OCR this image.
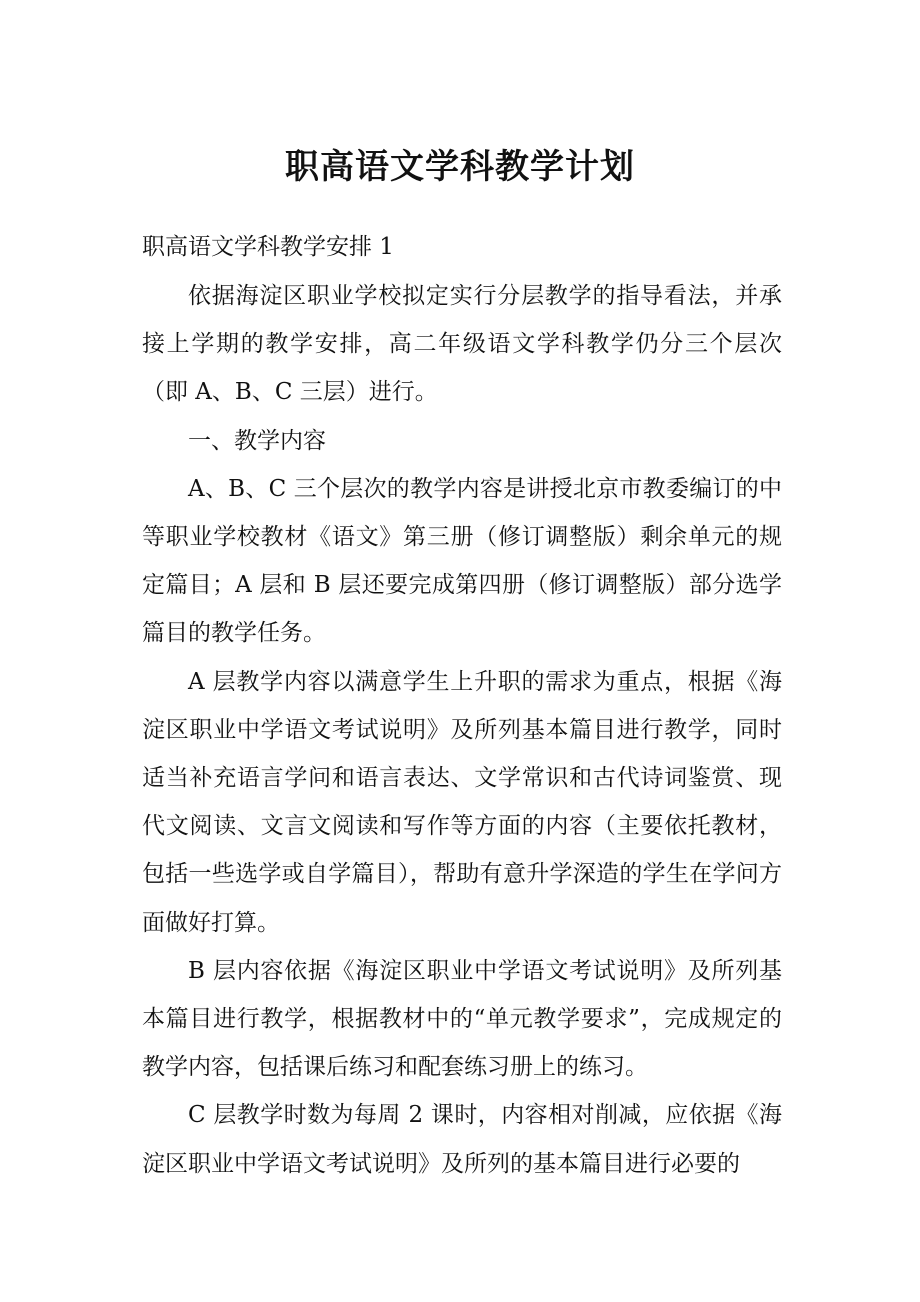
职高语文学科教学计划
职高语文学科教学安排 1

依据海淀区职业学校拟定实行分层教学的指导看法，并承接上学期的教学安排，高二年级语文学科教学仍分三个层次（即 A、B、C 三层）进行。

一、教学内容

A、B、C 三个层次的教学内容是讲授北京市教委编订的中等职业学校教材《语文》第三册（修订调整版）剩余单元的规定篇目；A 层和 B 层还要完成第四册（修订调整版）部分选学篇目的教学任务。

A 层教学内容以满意学生上升职的需求为重点，根据《海淀区职业中学语文考试说明》及所列基本篇目进行教学，同时适当补充语言学问和语言表达、文学常识和古代诗词鉴赏、现代文阅读、文言文阅读和写作等方面的内容（主要依托教材，包括一些选学或自学篇目），帮助有意升学深造的学生在学问方面做好打算。

B 层内容依据《海淀区职业中学语文考试说明》及所列基本篇目进行教学，根据教材中的“单元教学要求”，完成规定的教学内容，包括课后练习和配套练习册上的练习。

C 层教学时数为每周 2 课时，内容相对削减，应依据《海淀区职业中学语文考试说明》及所列的基本篇目进行必要的
